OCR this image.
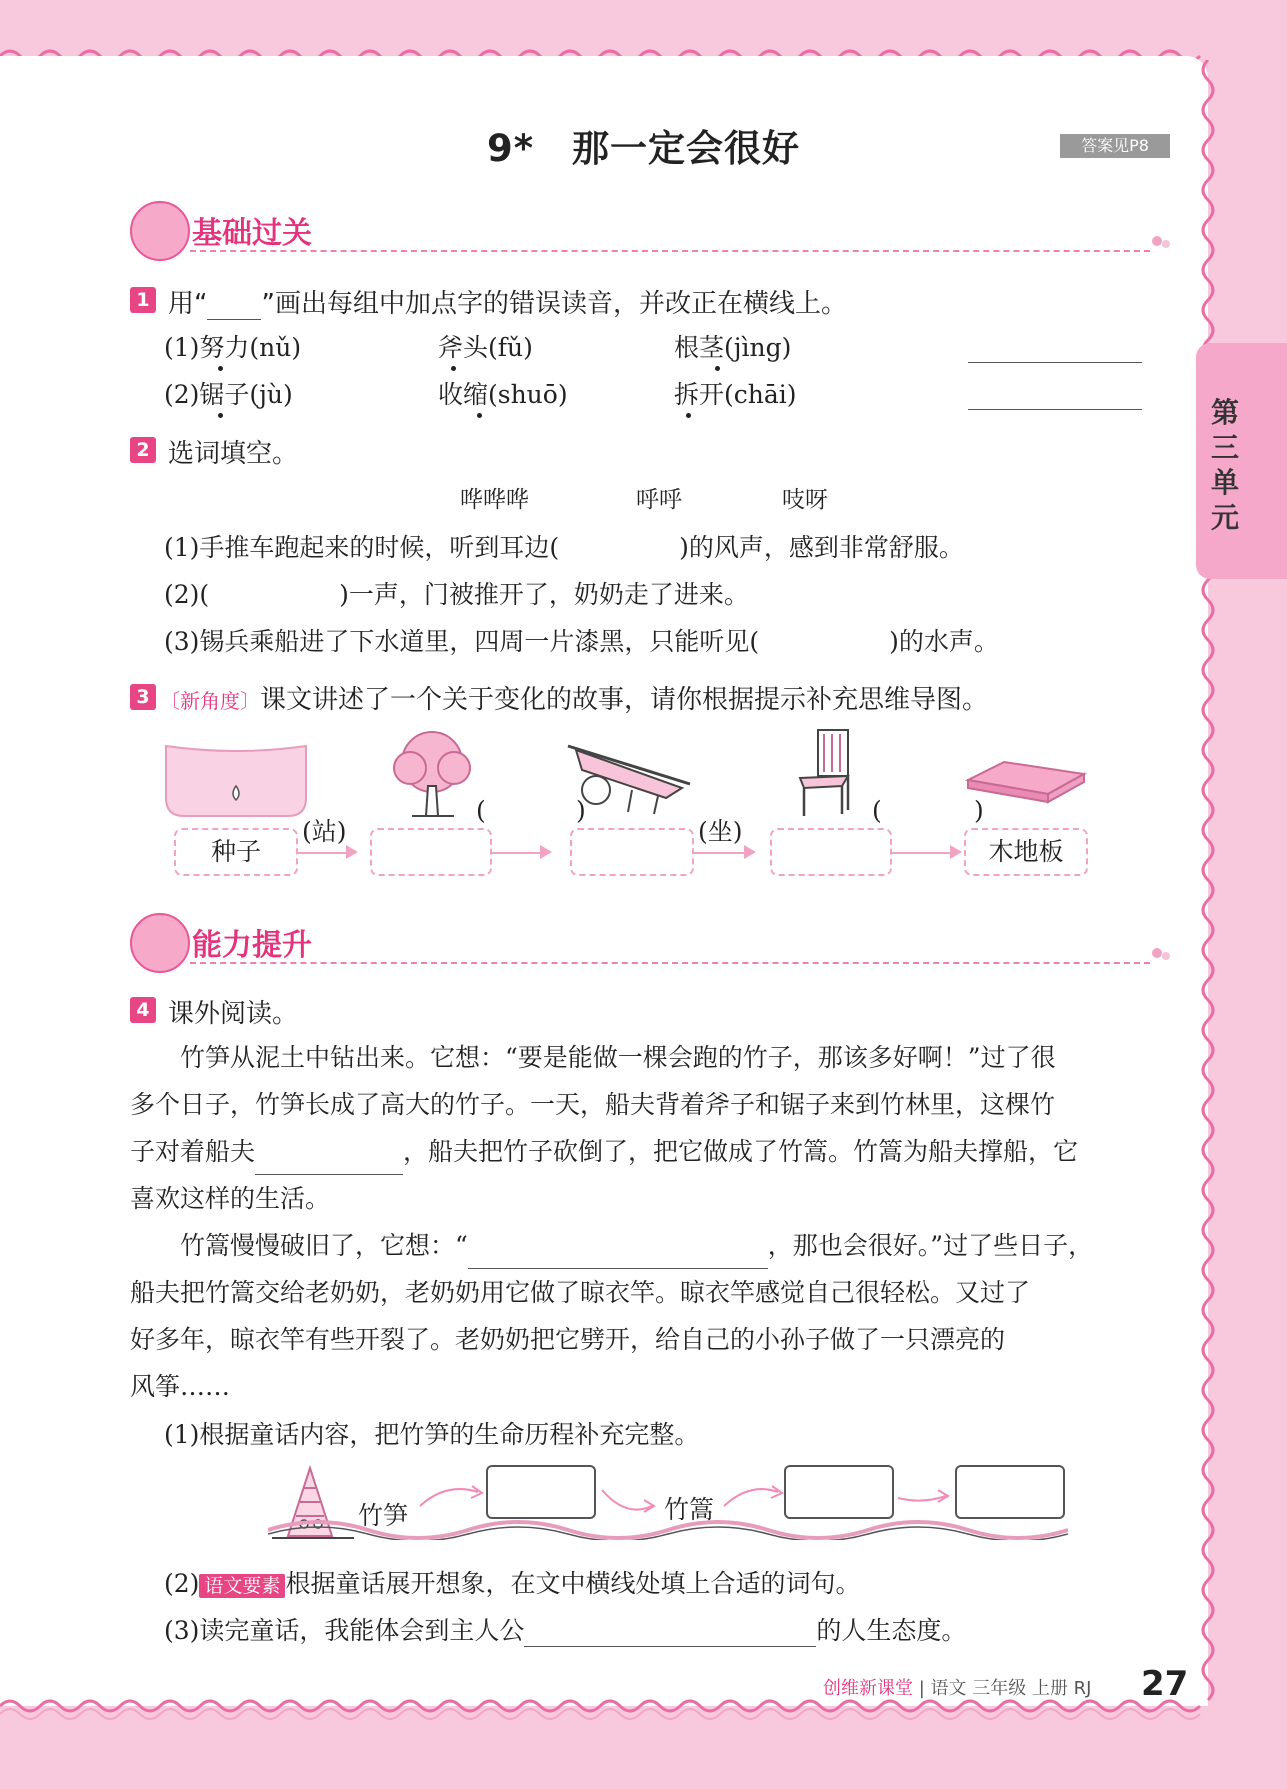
第三单元
9*　那一定会很好	答案见P8
基础过关
1 用“ ”画出每组中加点字的错误读音，并改正在横线上。
(1)努力(nǔ)	斧头(fǔ)	根茎(jìng)
(2)锯子(jù)	收缩(shuō)	拆开(chāi)
2 选词填空。
哗哗哗	呼呼	吱呀
(1)手推车跑起来的时候，听到耳边(	)的风声，感到非常舒服。
(2)(	)一声，门被推开了，奶奶走了进来。
(3)锡兵乘船进了下水道里，四周一片漆黑，只能听见(	)的水声。
3 〔新角度〕课文讲述了一个关于变化的故事，请你根据提示补充思维导图。
种子
(站)
(	)
(坐)
(	)
木地板
能力提升
4 课外阅读。
竹笋从泥土中钻出来。它想：“要是能做一棵会跑的竹子，那该多好啊！”过了很
多个日子，竹笋长成了高大的竹子。一天，船夫背着斧子和锯子来到竹林里，这棵竹
子对着船夫	，船夫把竹子砍倒了，把它做成了竹篙。竹篙为船夫撑船，它
喜欢这样的生活。
竹篙慢慢破旧了，它想：“	，那也会很好。”过了些日子，
船夫把竹篙交给老奶奶，老奶奶用它做了晾衣竿。晾衣竿感觉自己很轻松。又过了
好多年，晾衣竿有些开裂了。老奶奶把它劈开，给自己的小孙子做了一只漂亮的
风筝……
(1)根据童话内容，把竹笋的生命历程补充完整。
竹笋	竹篙
(2) 语文要素 根据童话展开想象，在文中横线处填上合适的词句。
(3)读完童话，我能体会到主人公	的人生态度。
创维新课堂 | 语文 三年级 上册 RJ 27
